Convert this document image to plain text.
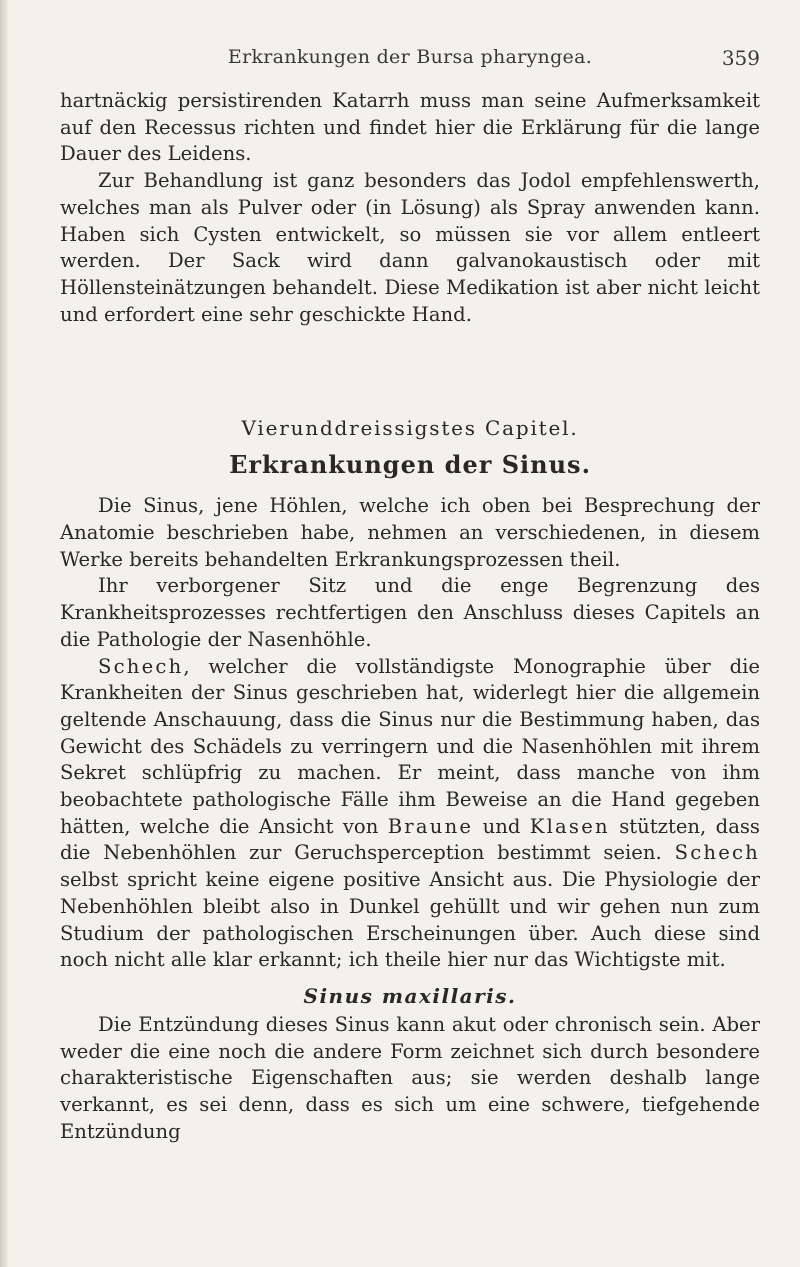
Erkrankungen der Bursa pharyngea.	359

hartnäckig persistirenden Katarrh muss man seine Aufmerksamkeit auf den Recessus richten und findet hier die Erklärung für die lange Dauer des Leidens.

Zur Behandlung ist ganz besonders das Jodol empfehlenswerth, welches man als Pulver oder (in Lösung) als Spray anwenden kann. Haben sich Cysten entwickelt, so müssen sie vor allem entleert werden. Der Sack wird dann galvanokaustisch oder mit Höllensteinätzungen behandelt. Diese Medikation ist aber nicht leicht und erfordert eine sehr geschickte Hand.

Vierunddreissigstes Capitel.
Erkrankungen der Sinus.

Die Sinus, jene Höhlen, welche ich oben bei Besprechung der Anatomie beschrieben habe, nehmen an verschiedenen, in diesem Werke bereits behandelten Erkrankungsprozessen theil.

Ihr verborgener Sitz und die enge Begrenzung des Krankheitsprozesses rechtfertigen den Anschluss dieses Capitels an die Pathologie der Nasenhöhle.

Schech, welcher die vollständigste Monographie über die Krankheiten der Sinus geschrieben hat, widerlegt hier die allgemein geltende Anschauung, dass die Sinus nur die Bestimmung haben, das Gewicht des Schädels zu verringern und die Nasenhöhlen mit ihrem Sekret schlüpfrig zu machen. Er meint, dass manche von ihm beobachtete pathologische Fälle ihm Beweise an die Hand gegeben hätten, welche die Ansicht von Braune und Klasen stützten, dass die Nebenhöhlen zur Geruchsperception bestimmt seien. Schech selbst spricht keine eigene positive Ansicht aus. Die Physiologie der Nebenhöhlen bleibt also in Dunkel gehüllt und wir gehen nun zum Studium der pathologischen Erscheinungen über. Auch diese sind noch nicht alle klar erkannt; ich theile hier nur das Wichtigste mit.

Sinus maxillaris.

Die Entzündung dieses Sinus kann akut oder chronisch sein. Aber weder die eine noch die andere Form zeichnet sich durch besondere charakteristische Eigenschaften aus; sie werden deshalb lange verkannt, es sei denn, dass es sich um eine schwere, tiefgehende Entzündung
